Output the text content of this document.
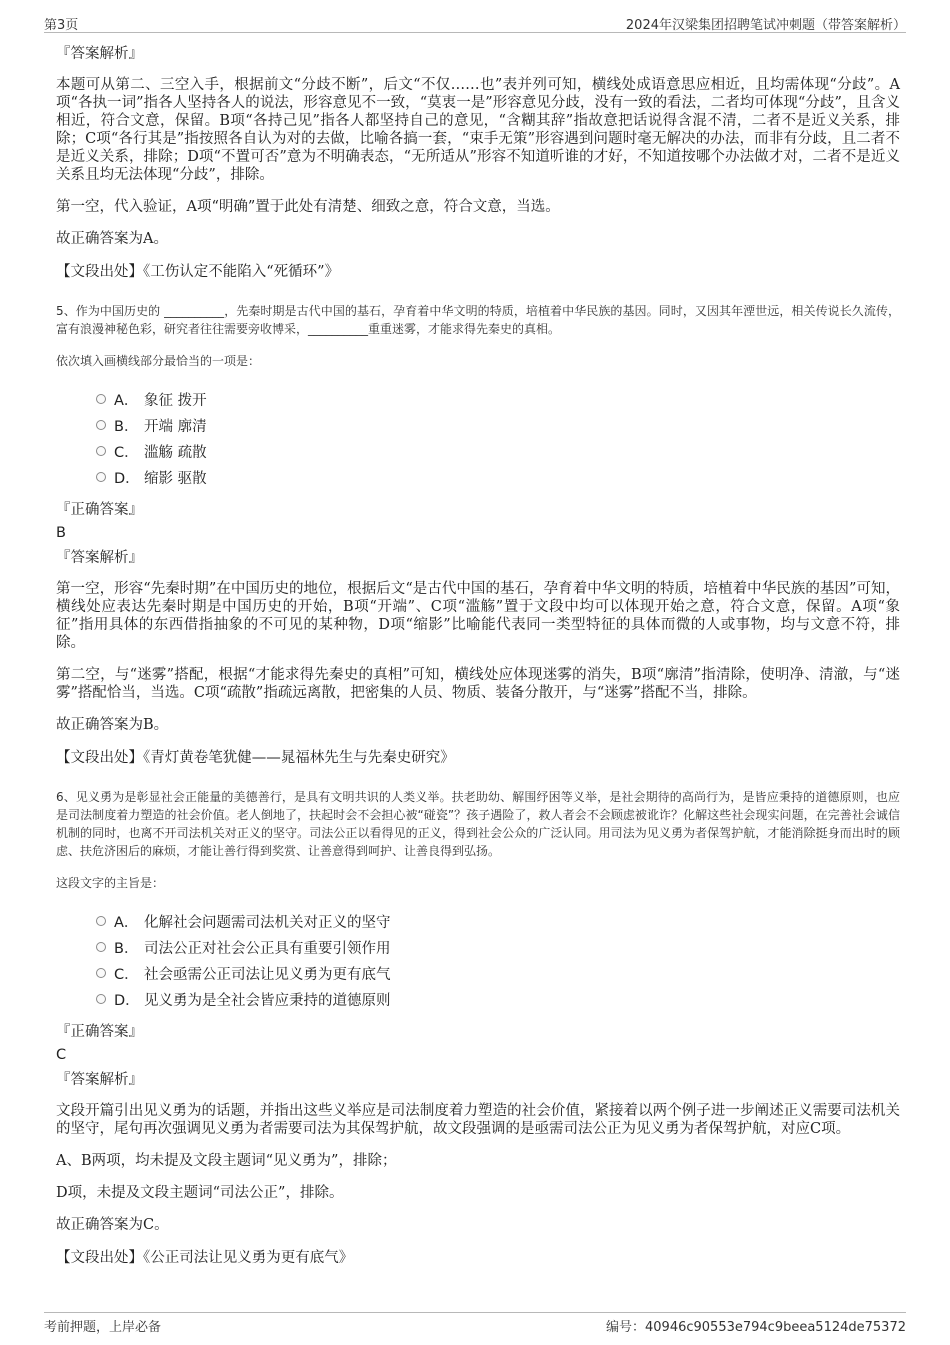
第3页	2024年汉梁集团招聘笔试冲刺题（带答案解析）

『答案解析』

本题可从第二、三空入手，根据前文“分歧不断”，后文“不仅……也”表并列可知，横线处成语意思应相近，且均需体现“分歧”。A项“各执一词”指各人坚持各人的说法，形容意见不一致，“莫衷一是”形容意见分歧，没有一致的看法，二者均可体现“分歧”，且含义相近，符合文意，保留。B项“各持己见”指各人都坚持自己的意见，“含糊其辞”指故意把话说得含混不清，二者不是近义关系，排除；C项“各行其是”指按照各自认为对的去做，比喻各搞一套，“束手无策”形容遇到问题时毫无解决的办法，而非有分歧，且二者不是近义关系，排除；D项“不置可否”意为不明确表态，“无所适从”形容不知道听谁的才好，不知道按哪个办法做才对，二者不是近义关系且均无法体现“分歧”，排除。

第一空，代入验证，A项“明确”置于此处有清楚、细致之意，符合文意，当选。

故正确答案为A。

【文段出处】《工伤认定不能陷入“死循环”》

5、作为中国历史的 __________，先秦时期是古代中国的基石，孕育着中华文明的特质，培植着中华民族的基因。同时，又因其年湮世远，相关传说长久流传，富有浪漫神秘色彩，研究者往往需要旁收博采，__________重重迷雾，才能求得先秦史的真相。

依次填入画横线部分最恰当的一项是：

A． 象征 拨开
B． 开端 廓清
C． 滥觞 疏散
D． 缩影 驱散

『正确答案』

B

『答案解析』

第一空，形容“先秦时期”在中国历史的地位，根据后文“是古代中国的基石，孕育着中华文明的特质，培植着中华民族的基因”可知，横线处应表达先秦时期是中国历史的开始，B项“开端”、C项“滥觞”置于文段中均可以体现开始之意，符合文意，保留。A项“象征”指用具体的东西借指抽象的不可见的某种物，D项“缩影”比喻能代表同一类型特征的具体而微的人或事物，均与文意不符，排除。

第二空，与“迷雾”搭配，根据“才能求得先秦史的真相”可知，横线处应体现迷雾的消失，B项“廓清”指清除，使明净、清澈，与“迷雾”搭配恰当，当选。C项“疏散”指疏远离散，把密集的人员、物质、装备分散开，与“迷雾”搭配不当，排除。

故正确答案为B。

【文段出处】《青灯黄卷笔犹健——晁福林先生与先秦史研究》

6、见义勇为是彰显社会正能量的美德善行，是具有文明共识的人类义举。扶老助幼、解围纾困等义举，是社会期待的高尚行为，是皆应秉持的道德原则，也应是司法制度着力塑造的社会价值。老人倒地了，扶起时会不会担心被“碰瓷”？孩子遇险了，救人者会不会顾虑被讹诈？化解这些社会现实问题，在完善社会诚信机制的同时，也离不开司法机关对正义的坚守。司法公正以看得见的正义，得到社会公众的广泛认同。用司法为见义勇为者保驾护航，才能消除挺身而出时的顾虑、扶危济困后的麻烦，才能让善行得到奖赏、让善意得到呵护、让善良得到弘扬。

这段文字的主旨是：

A． 化解社会问题需司法机关对正义的坚守
B． 司法公正对社会公正具有重要引领作用
C． 社会亟需公正司法让见义勇为更有底气
D． 见义勇为是全社会皆应秉持的道德原则

『正确答案』

C

『答案解析』

文段开篇引出见义勇为的话题，并指出这些义举应是司法制度着力塑造的社会价值，紧接着以两个例子进一步阐述正义需要司法机关的坚守，尾句再次强调见义勇为者需要司法为其保驾护航，故文段强调的是亟需司法公正为见义勇为者保驾护航，对应C项。

A、B两项，均未提及文段主题词“见义勇为”，排除；

D项，未提及文段主题词“司法公正”，排除。

故正确答案为C。

【文段出处】《公正司法让见义勇为更有底气》

考前押题，上岸必备	编号：40946c90553e794c9beea5124de75372
